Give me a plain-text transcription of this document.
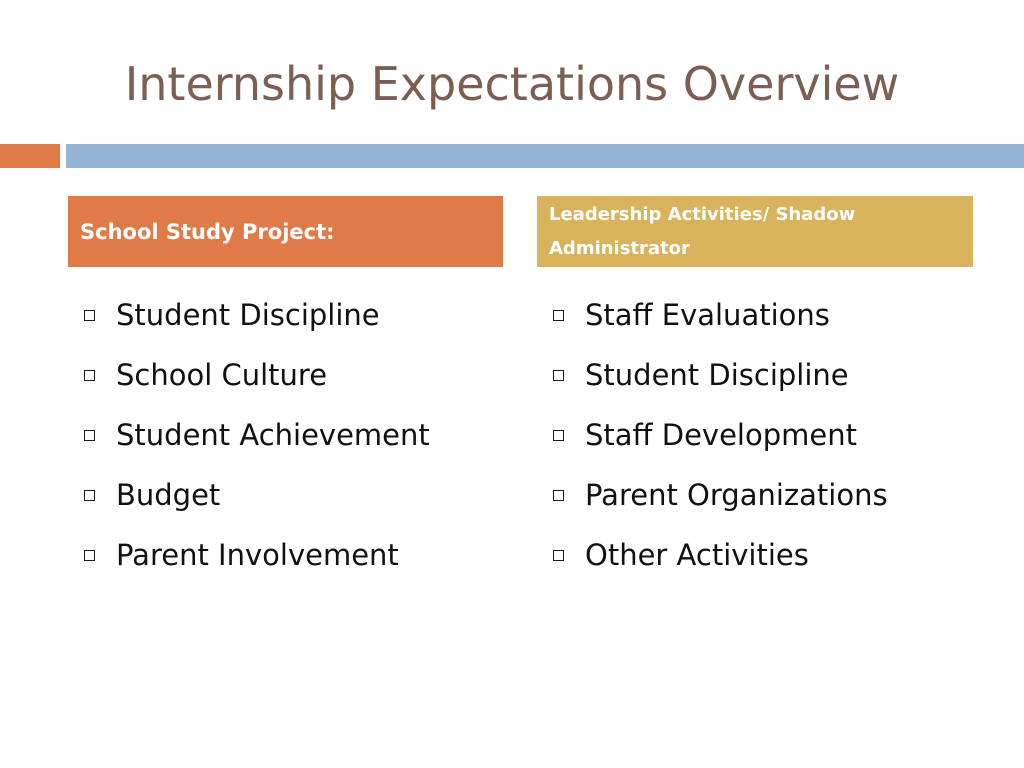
Internship Expectations Overview
School Study Project:
Leadership Activities/ Shadow Administrator
Student Discipline
School Culture
Student Achievement
Budget
Parent Involvement
Staff Evaluations
Student Discipline
Staff Development
Parent Organizations
Other Activities
